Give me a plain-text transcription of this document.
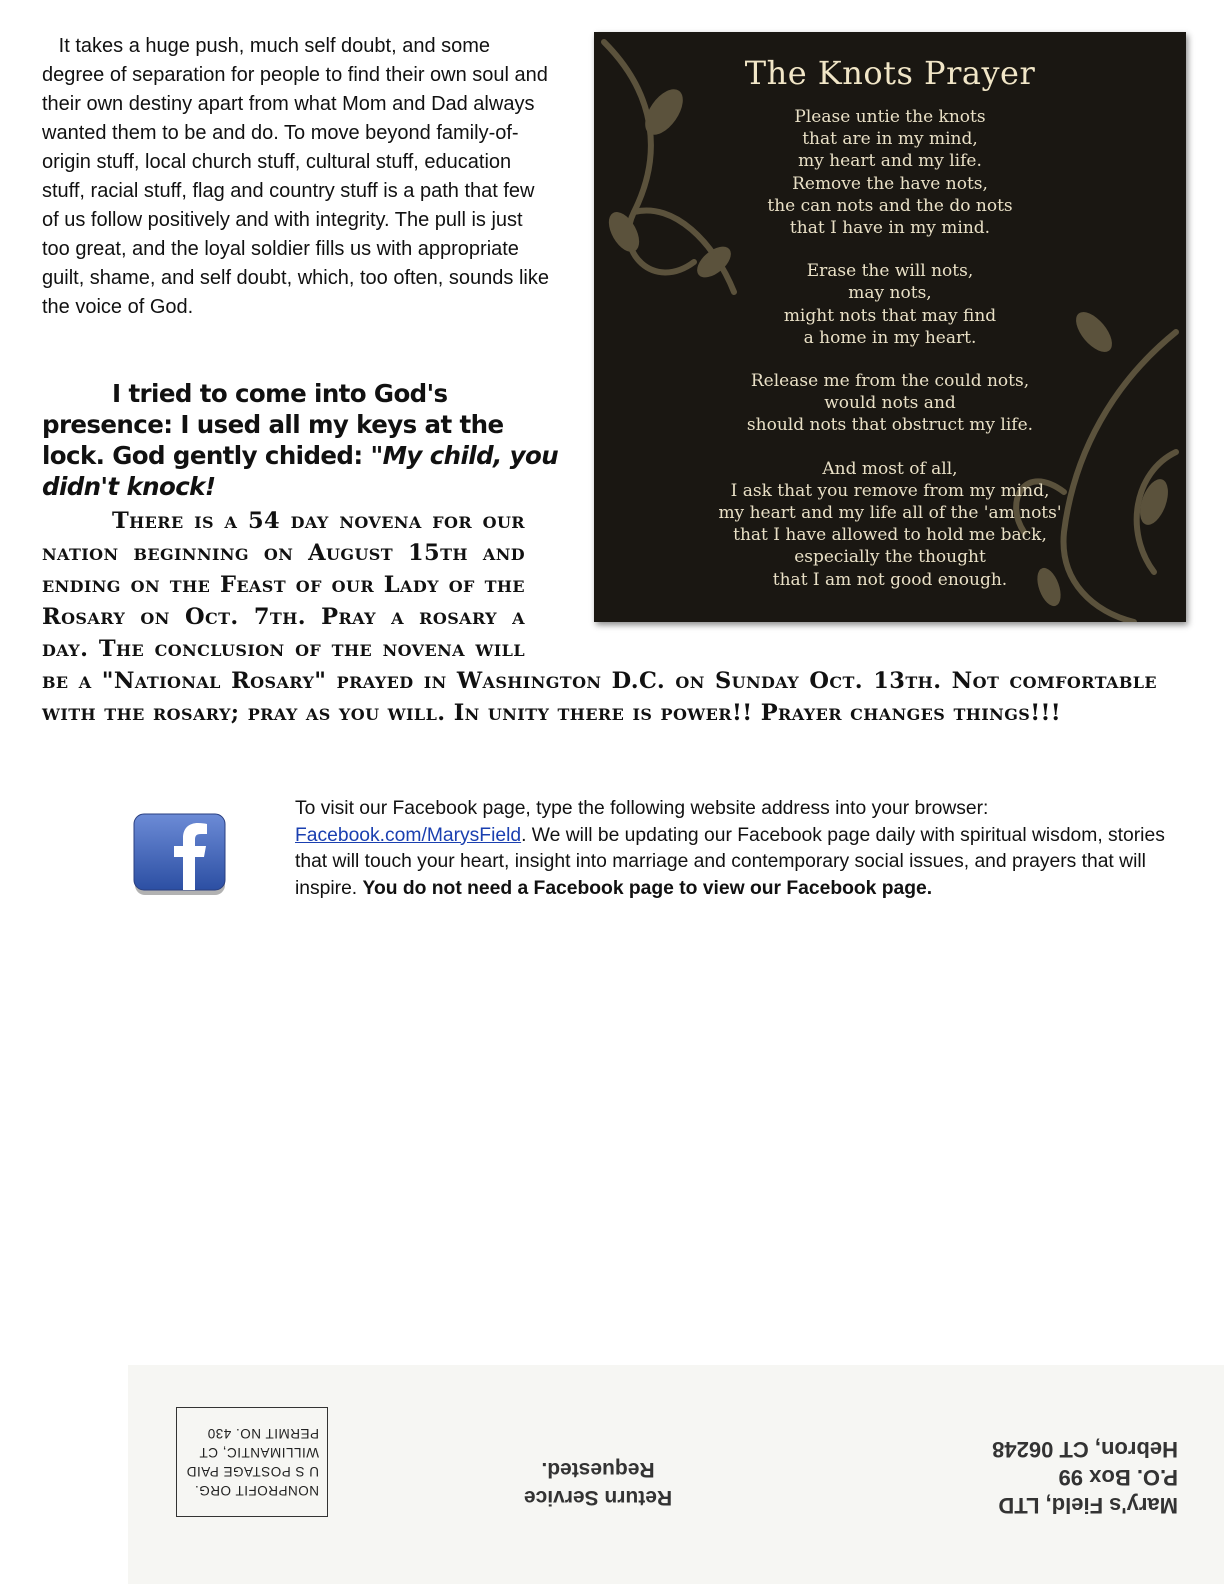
It takes a huge push, much self doubt, and some degree of separation for people to find their own soul and their own destiny apart from what Mom and Dad always wanted them to be and do. To move beyond family-of-origin stuff, local church stuff, cultural stuff, education stuff, racial stuff, flag and country stuff is a path that few of us follow positively and with integrity. The pull is just too great, and the loyal soldier fills us with appropriate guilt, shame, and self doubt, which, too often, sounds like the voice of God.

I tried to come into God's presence: I used all my keys at the lock. God gently chided: "My child, you didn't knock!
There is a 54 day novena for our nation beginning on August 15th and ending on the Feast of our Lady of the Rosary on Oct. 7th. Pray a rosary a day. The conclusion of the novena will be a "National Rosary" prayed in Washington D.C. on Sunday Oct. 13th. Not comfortable with the rosary; pray as you will. In unity there is power!! Prayer changes things!!!
The Knots Prayer
Please untie the knots
that are in my mind,
my heart and my life.
Remove the have nots,
the can nots and the do nots
that I have in my mind.
Erase the will nots,
may nots,
might nots that may find
a home in my heart.
Release me from the could nots,
would nots and
should nots that obstruct my life.
And most of all,
I ask that you remove from my mind,
my heart and my life all of the 'am nots'
that I have allowed to hold me back,
especially the thought
that I am not good enough.

To visit our Facebook page, type the following website address into your browser:
Facebook.com/MarysField. We will be updating our Facebook page daily with spiritual wisdom, stories that will touch your heart, insight into marriage and contemporary social issues, and prayers that will inspire. You do not need a Facebook page to view our Facebook page.

NONPROFIT ORG.
U S POSTAGE PAID
WILLIMANTIC, CT
PERMIT NO. 430
Return Service
Requested.
Mary's Field, LTD
P.O. Box 99
Hebron, CT 06248
